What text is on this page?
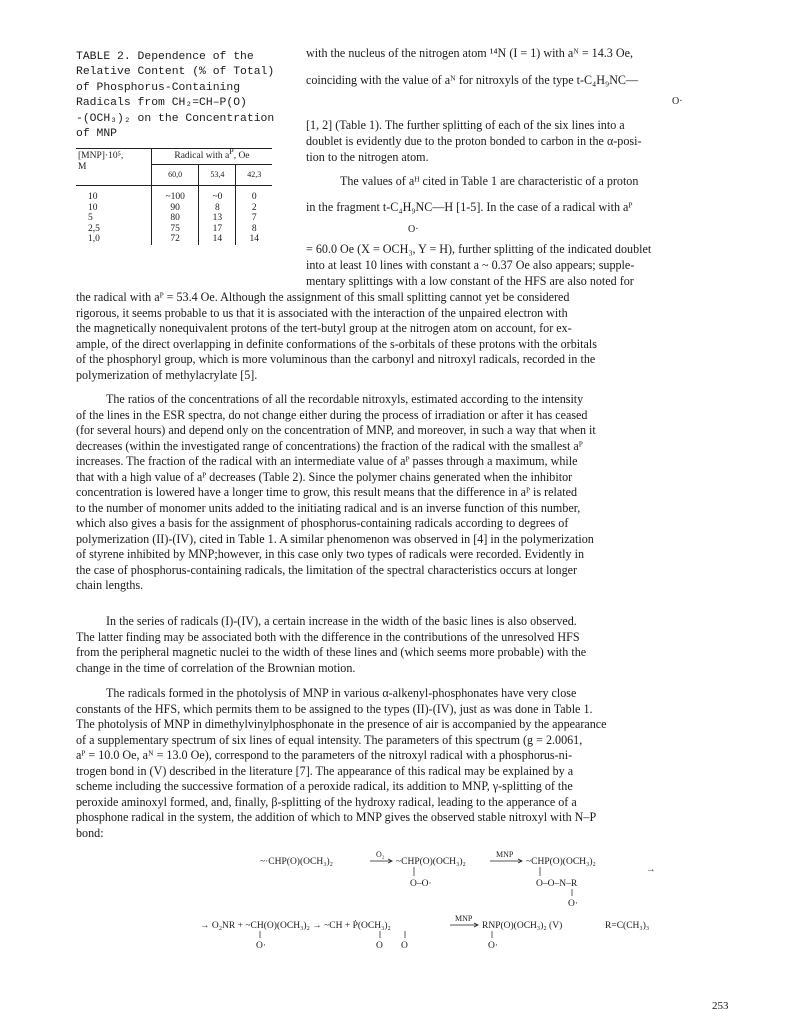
TABLE 2. Dependence of the

Relative Content (% of Total)

of Phosphorus-Containing

Radicals from CH₂=CH–P(O)

-(OCH₃)₂ on the Concentration

of MNP

[MNP]·10⁵,
M	Radical with $a^P$, Oe		
	60,0	53,4	42,3
10	~100	~0	0
10	90	8	2
5	80	13	7
2,5	75	17	8
1,0	72	14	14
with the nucleus of the nitrogen atom ¹⁴N (I = 1) with aᴺ = 14.3 Oe,
coinciding with the value of aᴺ for nitroxyls of the type t-C₄H₉NC—
O·
[1, 2] (Table 1). The further splitting of each of the six lines into a
doublet is evidently due to the proton bonded to carbon in the α-posi-
tion to the nitrogen atom.
The values of aᴴ cited in Table 1 are characteristic of a proton
in the fragment t-C₄H₉NC—H [1-5]. In the case of a radical with aᴾ
O·
= 60.0 Oe (X = OCH₃, Y = H), further splitting of the indicated doublet
into at least 10 lines with constant a ~ 0.37 Oe also appears; supple-
mentary splittings with a low constant of the HFS are also noted for
the radical with aᴾ = 53.4 Oe. Although the assignment of this small splitting cannot yet be considered
rigorous, it seems probable to us that it is associated with the interaction of the unpaired electron with
the magnetically nonequivalent protons of the tert-butyl group at the nitrogen atom on account, for ex-
ample, of the direct overlapping in definite conformations of the s-orbitals of these protons with the orbitals
of the phosphoryl group, which is more voluminous than the carbonyl and nitroxyl radicals, recorded in the
polymerization of methylacrylate [5].
The ratios of the concentrations of all the recordable nitroxyls, estimated according to the intensity
of the lines in the ESR spectra, do not change either during the process of irradiation or after it has ceased
(for several hours) and depend only on the concentration of MNP, and moreover, in such a way that when it
decreases (within the investigated range of concentrations) the fraction of the radical with the smallest aᴾ
increases. The fraction of the radical with an intermediate value of aᴾ passes through a maximum, while
that with a high value of aᴾ decreases (Table 2). Since the polymer chains generated when the inhibitor
concentration is lowered have a longer time to grow, this result means that the difference in aᴾ is related
to the number of monomer units added to the initiating radical and is an inverse function of this number,
which also gives a basis for the assignment of phosphorus-containing radicals according to degrees of
polymerization (II)-(IV), cited in Table 1. A similar phenomenon was observed in [4] in the polymerization
of styrene inhibited by MNP;however, in this case only two types of radicals were recorded. Evidently in
the case of phosphorus-containing radicals, the limitation of the spectral characteristics occurs at longer
chain lengths.
In the series of radicals (I)-(IV), a certain increase in the width of the basic lines is also observed.
The latter finding may be associated both with the difference in the contributions of the unresolved HFS
from the peripheral magnetic nuclei to the width of these lines and (which seems more probable) with the
change in the time of correlation of the Brownian motion.
The radicals formed in the photolysis of MNP in various α-alkenyl-phosphonates have very close
constants of the HFS, which permits them to be assigned to the types (II)-(IV), just as was done in Table 1.
The photolysis of MNP in dimethylvinylphosphonate in the presence of air is accompanied by the appearance
of a supplementary spectrum of six lines of equal intensity. The parameters of this spectrum (g = 2.0061,
aᴾ = 10.0 Oe, aᴺ = 13.0 Oe), correspond to the parameters of the nitroxyl radical with a phosphorus-ni-
trogen bond in (V) described in the literature [7]. The appearance of this radical may be explained by a
scheme including the successive formation of a peroxide radical, its addition to MNP, γ-splitting of the
peroxide aminoxyl formed, and, finally, β-splitting of the hydroxy radical, leading to the apperance of a
phosphone radical in the system, the addition of which to MNP gives the observed stable nitroxyl with N–P
bond:
~·CHP(O)(OCH₃)₂
O₂
~CHP(O)(OCH₃)₂
O–O·
MNP
~CHP(O)(OCH₃)₂
O–O–N–R
O·
→
→ O₂NR + ~CH(O)(OCH₃)₂ → ~CH + Ṗ(OCH₃)₂
O·	O O
MNP
RNP(O)(OCH₃)₂ (V)
O·
R=C(CH₃)₃
253
